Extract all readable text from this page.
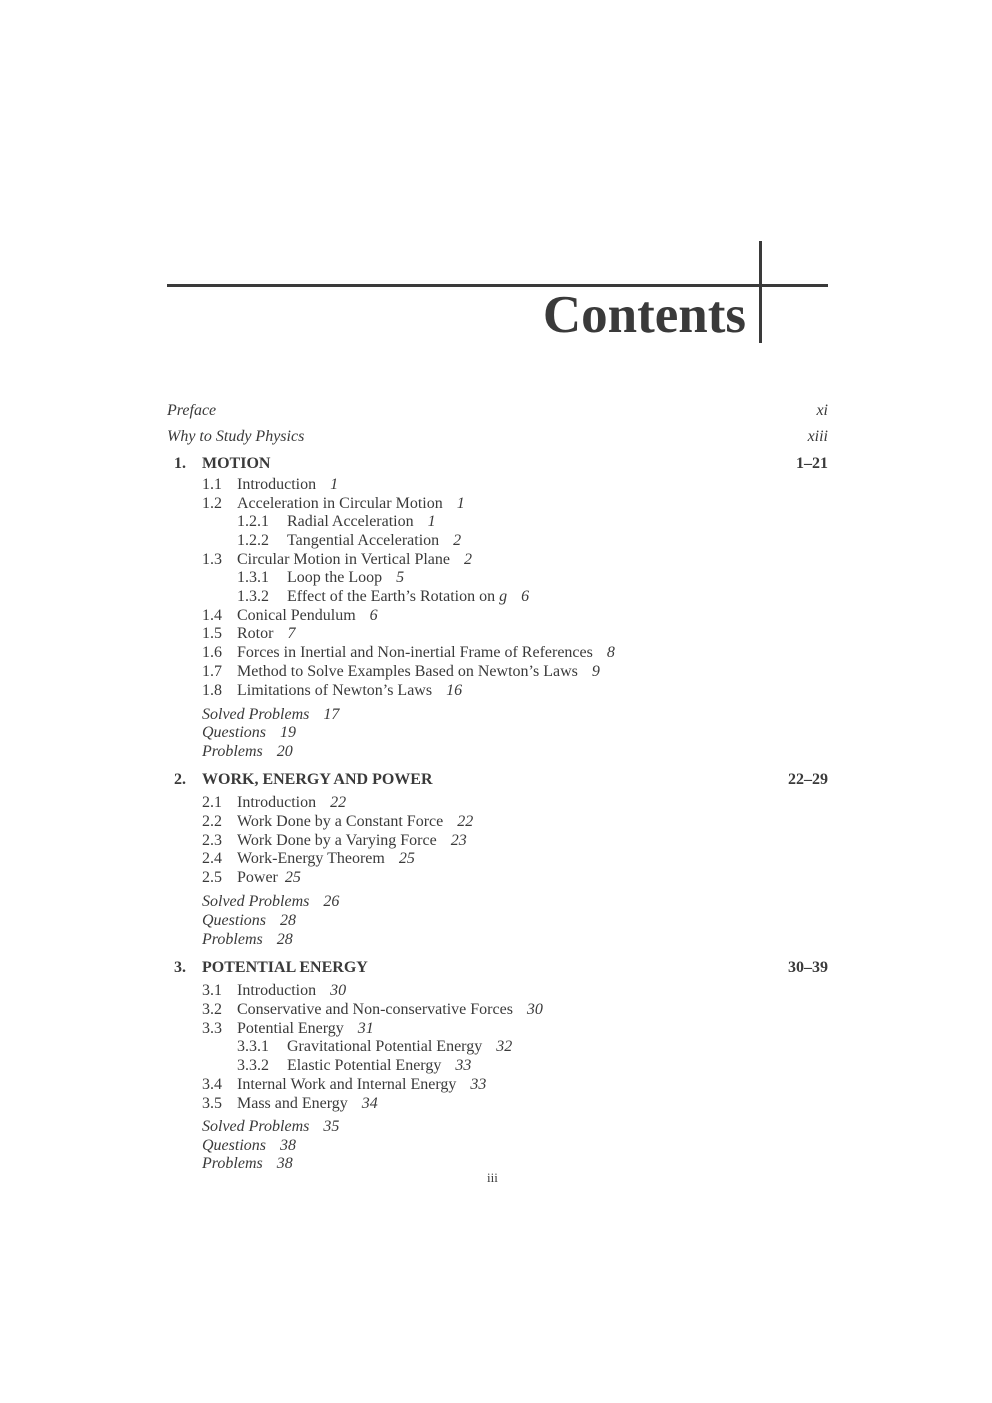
Contents
Preface	xi
Why to Study Physics	xiii
1. MOTION	1–21
1.1 Introduction 1
1.2 Acceleration in Circular Motion 1
1.2.1 Radial Acceleration 1
1.2.2 Tangential Acceleration 2
1.3 Circular Motion in Vertical Plane 2
1.3.1 Loop the Loop 5
1.3.2 Effect of the Earth’s Rotation on g 6
1.4 Conical Pendulum 6
1.5 Rotor 7
1.6 Forces in Inertial and Non-inertial Frame of References 8
1.7 Method to Solve Examples Based on Newton’s Laws 9
1.8 Limitations of Newton’s Laws 16
Solved Problems 17
Questions 19
Problems 20
2. WORK, ENERGY AND POWER	22–29
2.1 Introduction 22
2.2 Work Done by a Constant Force 22
2.3 Work Done by a Varying Force 23
2.4 Work-Energy Theorem 25
2.5 Power 25
Solved Problems 26
Questions 28
Problems 28
3. POTENTIAL ENERGY	30–39
3.1 Introduction 30
3.2 Conservative and Non-conservative Forces 30
3.3 Potential Energy 31
3.3.1 Gravitational Potential Energy 32
3.3.2 Elastic Potential Energy 33
3.4 Internal Work and Internal Energy 33
3.5 Mass and Energy 34
Solved Problems 35
Questions 38
Problems 38
iii
